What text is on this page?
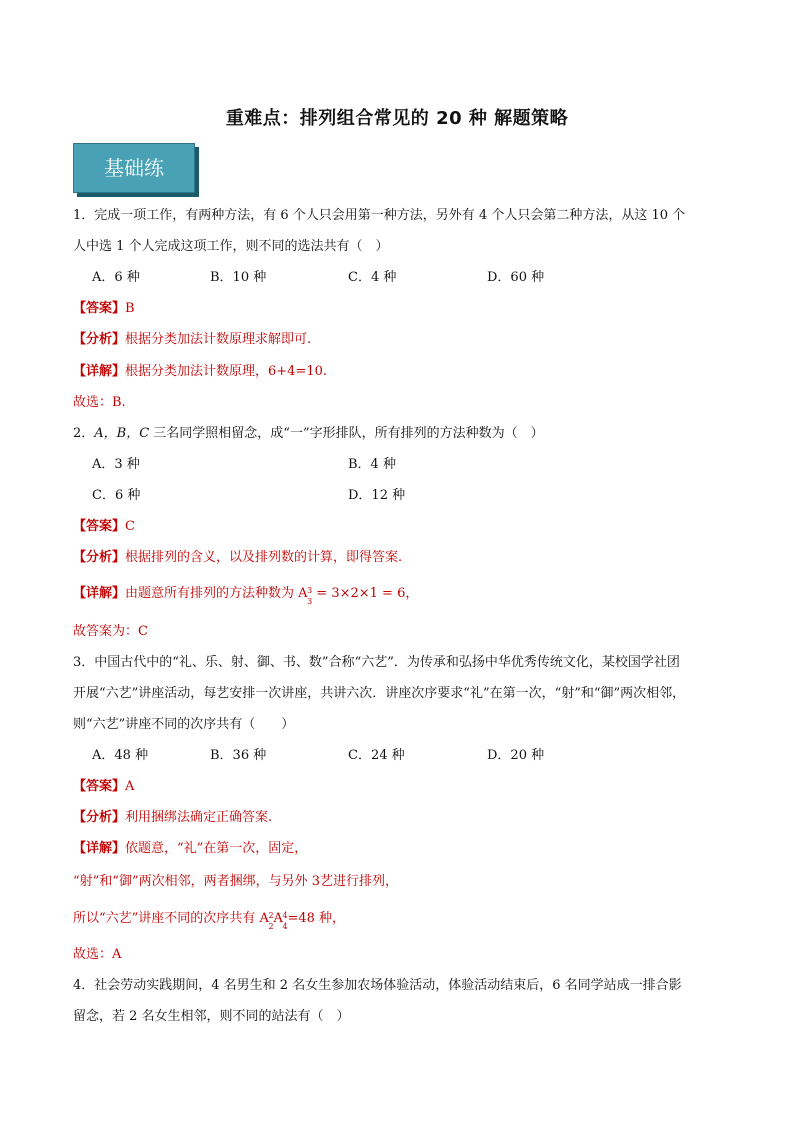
重难点：排列组合常见的 20 种 解题策略
基础练
1．完成一项工作，有两种方法，有 6 个人只会用第一种方法，另外有 4 个人只会第二种方法，从这 10 个
人中选 1 个人完成这项工作，则不同的选法共有（　）
A．6 种	B．10 种	C．4 种	D．60 种
【答案】B
【分析】根据分类加法计数原理求解即可.
【详解】根据分类加法计数原理，6+4=10.
故选：B.
2．A，B，C 三名同学照相留念，成“一”字形排队，所有排列的方法种数为（　）
A．3 种	B．4 种
C．6 种	D．12 种
【答案】C
【分析】根据排列的含义，以及排列数的计算，即得答案.
【详解】由题意所有排列的方法种数为 A 3
3
= 3×2×1 = 6，
故答案为：C
3．中国古代中的“礼、乐、射、御、书、数”合称“六艺”．为传承和弘扬中华优秀传统文化，某校国学社团
开展“六艺”讲座活动，每艺安排一次讲座，共讲六次．讲座次序要求“礼”在第一次，“射”和“御”两次相邻，
则“六艺”讲座不同的次序共有（　　）
A．48 种	B．36 种	C．24 种	D．20 种
【答案】A
【分析】利用捆绑法确定正确答案.
【详解】依题意，“礼”在第一次，固定，
“射”和“御”两次相邻，两者捆绑，与另外 3艺进行排列，
所以“六艺”讲座不同的次序共有 A 2
2
A 4
4
=48 种，
故选：A
4．社会劳动实践期间，4 名男生和 2 名女生参加农场体验活动，体验活动结束后，6 名同学站成一排合影
留念，若 2 名女生相邻，则不同的站法有（　）
